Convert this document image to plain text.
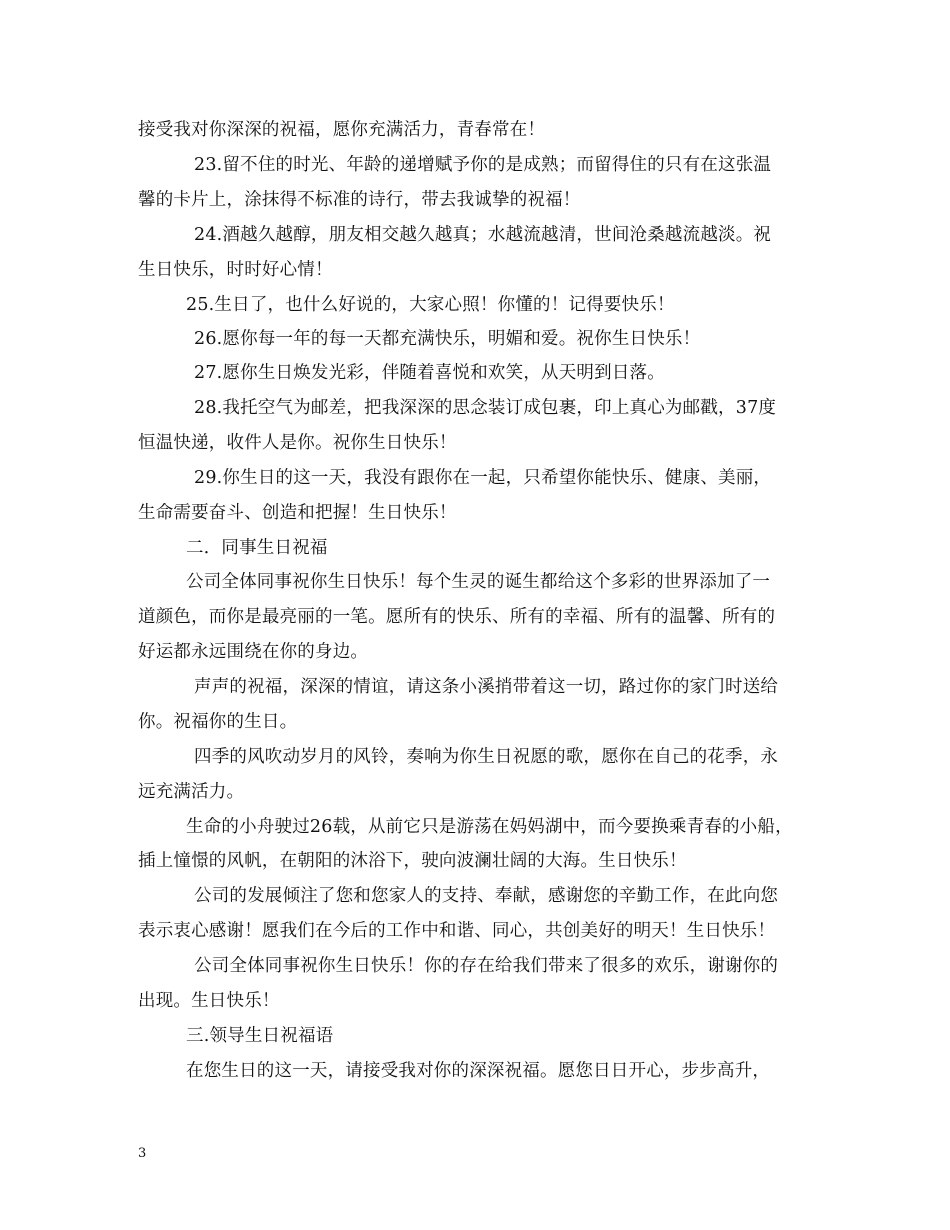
接受我对你深深的祝福，愿你充满活力，青春常在！
23.留不住的时光、年龄的递增赋予你的是成熟；而留得住的只有在这张温
馨的卡片上，涂抹得不标准的诗行，带去我诚挚的祝福！
24.酒越久越醇，朋友相交越久越真；水越流越清，世间沧桑越流越淡。祝
生日快乐，时时好心情！
25.生日了，也什么好说的，大家心照！你懂的！记得要快乐！
26.愿你每一年的每一天都充满快乐，明媚和爱。祝你生日快乐！
27.愿你生日焕发光彩，伴随着喜悦和欢笑，从天明到日落。
28.我托空气为邮差，把我深深的思念装订成包裹，印上真心为邮戳，37度
恒温快递，收件人是你。祝你生日快乐！
29.你生日的这一天，我没有跟你在一起，只希望你能快乐、健康、美丽，
生命需要奋斗、创造和把握！生日快乐！
二．同事生日祝福
公司全体同事祝你生日快乐！每个生灵的诞生都给这个多彩的世界添加了一
道颜色，而你是最亮丽的一笔。愿所有的快乐、所有的幸福、所有的温馨、所有的
好运都永远围绕在你的身边。
声声的祝福，深深的情谊，请这条小溪捎带着这一切，路过你的家门时送给
你。祝福你的生日。
四季的风吹动岁月的风铃，奏响为你生日祝愿的歌，愿你在自己的花季，永
远充满活力。
生命的小舟驶过26载，从前它只是游荡在妈妈湖中，而今要换乘青春的小船，
插上憧憬的风帆，在朝阳的沐浴下，驶向波澜壮阔的大海。生日快乐！
公司的发展倾注了您和您家人的支持、奉献，感谢您的辛勤工作，在此向您
表示衷心感谢！愿我们在今后的工作中和谐、同心，共创美好的明天！生日快乐！
公司全体同事祝你生日快乐！你的存在给我们带来了很多的欢乐，谢谢你的
出现。生日快乐！
三.领导生日祝福语
在您生日的这一天，请接受我对你的深深祝福。愿您日日开心，步步高升，
3
